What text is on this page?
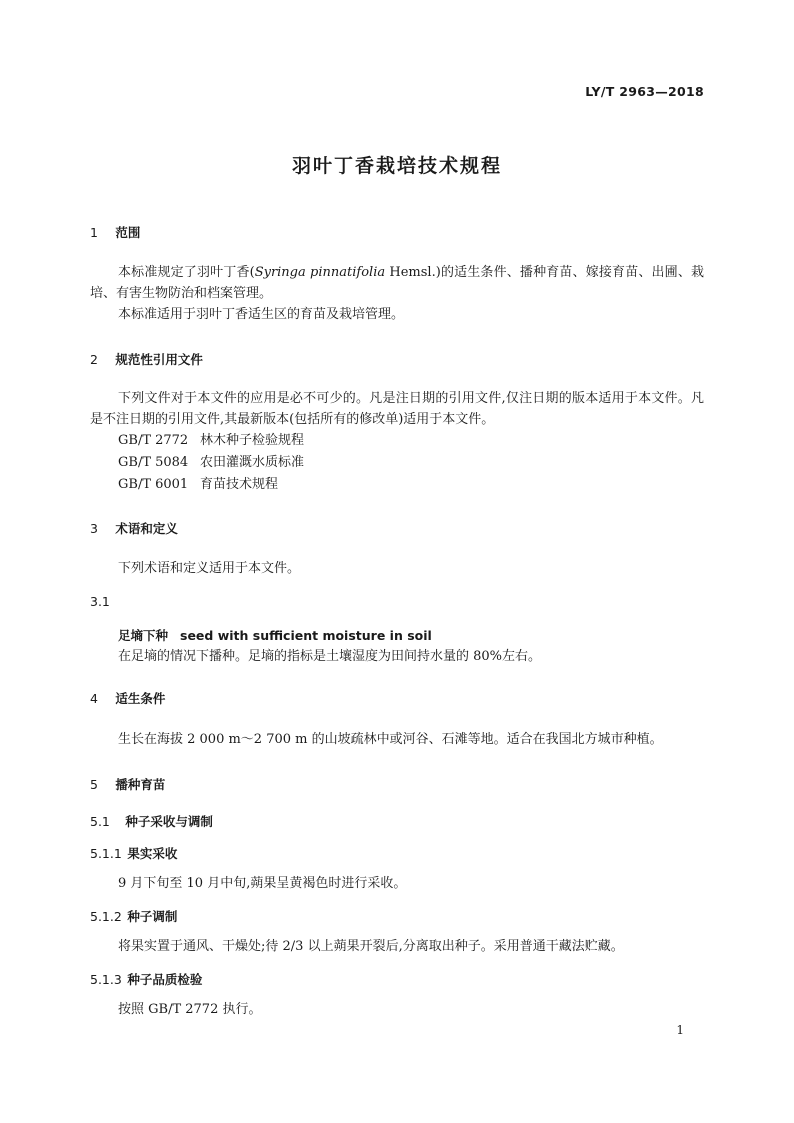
LY/T 2963—2018
羽叶丁香栽培技术规程
1 范围
本标准规定了羽叶丁香(Syringa pinnatifolia Hemsl.)的适生条件、播种育苗、嫁接育苗、出圃、栽培、有害生物防治和档案管理。
本标准适用于羽叶丁香适生区的育苗及栽培管理。
2 规范性引用文件
下列文件对于本文件的应用是必不可少的。凡是注日期的引用文件,仅注日期的版本适用于本文件。凡是不注日期的引用文件,其最新版本(包括所有的修改单)适用于本文件。
GB/T 2772 林木种子检验规程
GB/T 5084 农田灌溉水质标准
GB/T 6001 育苗技术规程
3 术语和定义
下列术语和定义适用于本文件。
3.1
足墒下种 seed with sufficient moisture in soil
在足墒的情况下播种。足墒的指标是土壤湿度为田间持水量的 80%左右。
4 适生条件
生长在海拔 2 000 m～2 700 m 的山坡疏林中或河谷、石滩等地。适合在我国北方城市种植。
5 播种育苗
5.1 种子采收与调制
5.1.1 果实采收
9 月下旬至 10 月中旬,蒴果呈黄褐色时进行采收。
5.1.2 种子调制
将果实置于通风、干燥处;待 2/3 以上蒴果开裂后,分离取出种子。采用普通干藏法贮藏。
5.1.3 种子品质检验
按照 GB/T 2772 执行。
1
